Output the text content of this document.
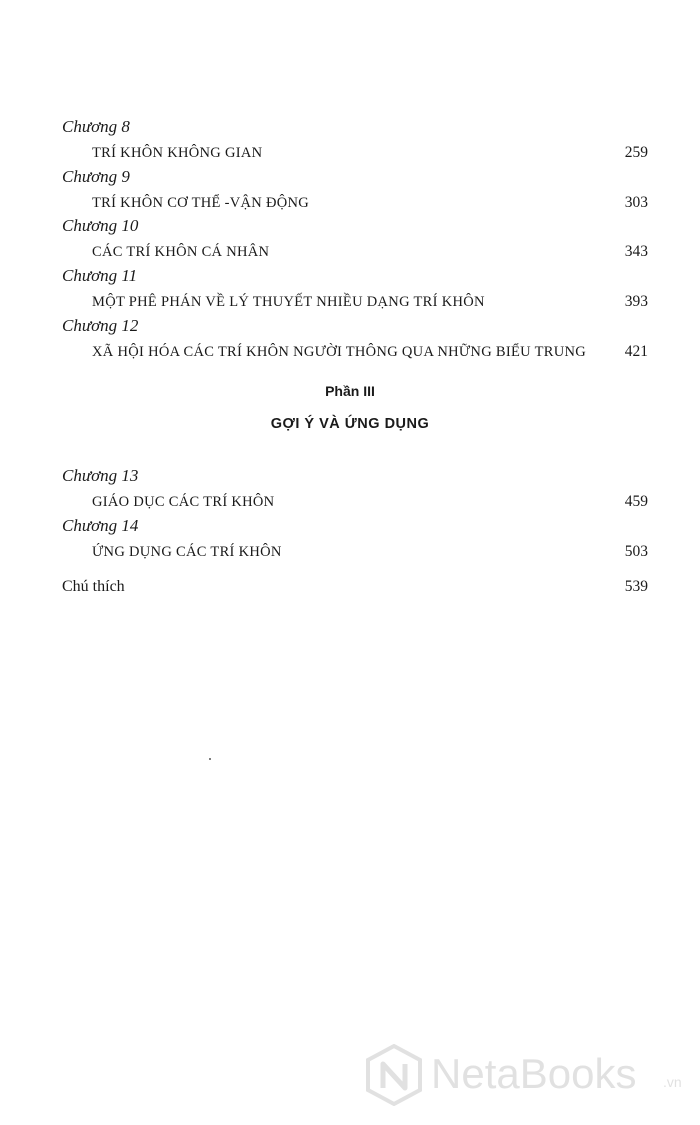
Chương 8
TRÍ KHÔN KHÔNG GIAN	259
Chương 9
TRÍ KHÔN CƠ THỂ -VẬN ĐỘNG	303
Chương 10
CÁC TRÍ KHÔN CÁ NHÂN	343
Chương 11
MỘT PHÊ PHÁN VỀ LÝ THUYẾT NHIỀU DẠNG TRÍ KHÔN	393
Chương 12
XÃ HỘI HÓA CÁC TRÍ KHÔN NGƯỜI THÔNG QUA NHỮNG BIỂU TRUNG 421
Phần III
GỢI Ý VÀ ỨNG DỤNG
Chương 13
GIÁO DỤC CÁC TRÍ KHÔN	459
Chương 14
ỨNG DỤNG CÁC TRÍ KHÔN	503
Chú thích	539
NetaBooks .vn
